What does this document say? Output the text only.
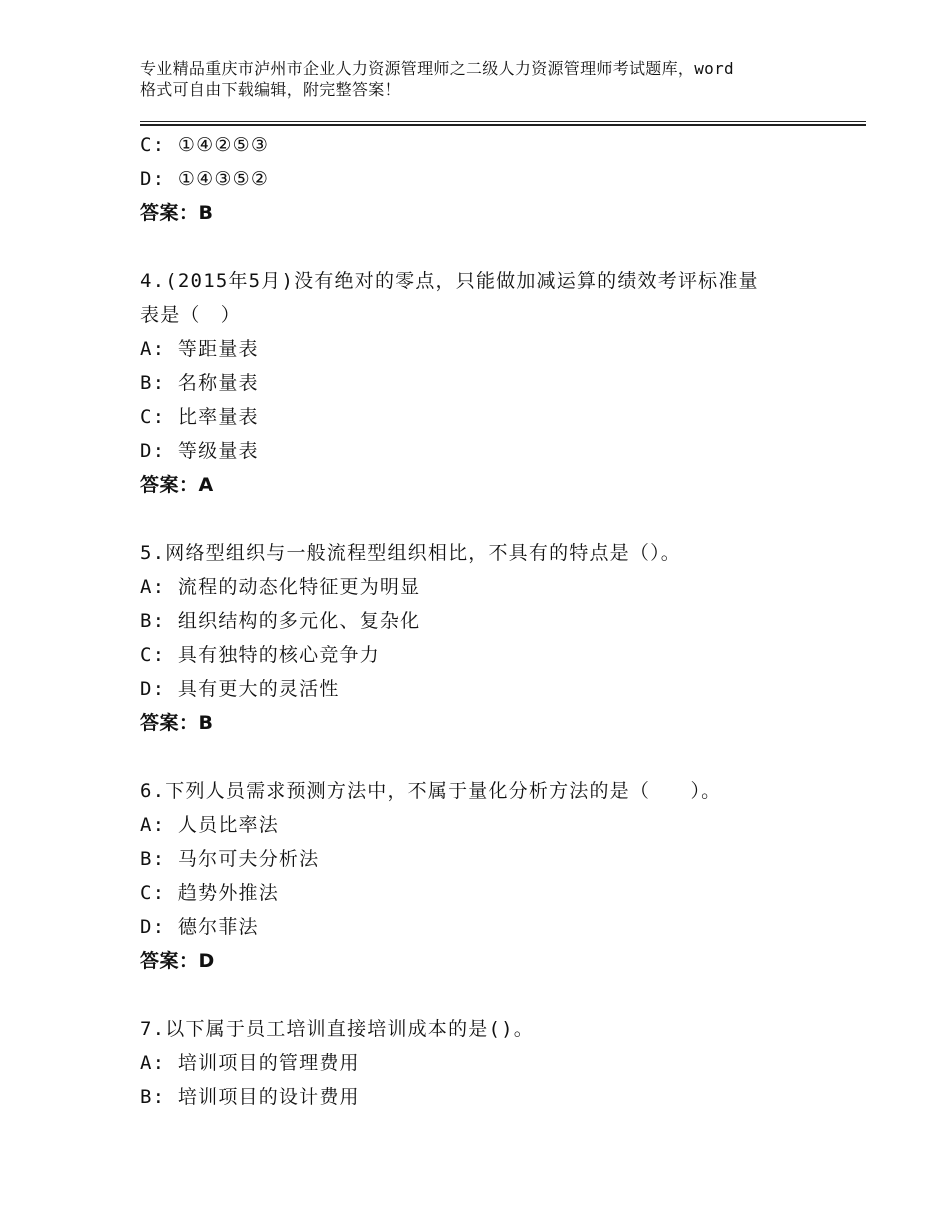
专业精品重庆市泸州市企业人力资源管理师之二级人力资源管理师考试题库，word
格式可自由下载编辑，附完整答案！
C: ①④②⑤③
D: ①④③⑤②
答案：B
4.(2015年5月)没有绝对的零点，只能做加减运算的绩效考评标准量
表是（　）
A: 等距量表
B: 名称量表
C: 比率量表
D: 等级量表
答案：A
5.网络型组织与一般流程型组织相比，不具有的特点是（）。
A: 流程的动态化特征更为明显
B: 组织结构的多元化、复杂化
C: 具有独特的核心竞争力
D: 具有更大的灵活性
答案：B
6.下列人员需求预测方法中，不属于量化分析方法的是（　　）。
A: 人员比率法
B: 马尔可夫分析法
C: 趋势外推法
D: 德尔菲法
答案：D
7.以下属于员工培训直接培训成本的是()。
A: 培训项目的管理费用
B: 培训项目的设计费用
